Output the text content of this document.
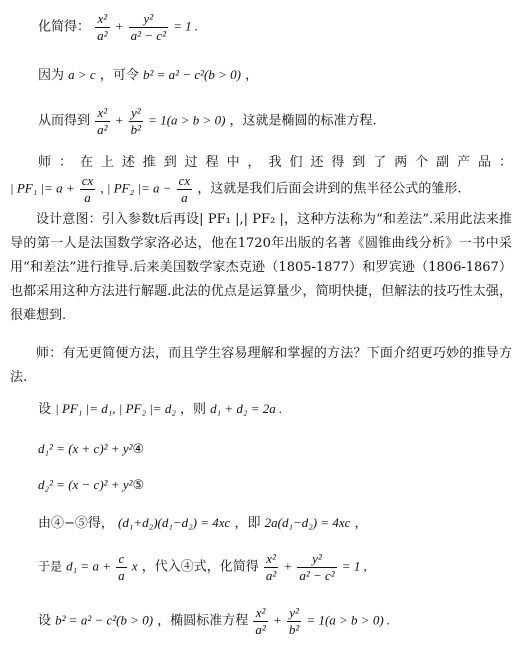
化简得： $\frac{\text{x²}}{\text{a²}} + \frac{\text{y²}}{\text{a² − c²}} = 1$ .
因为 a > c ，可令 b² = a² − c²(b > 0) ，
从而得到 $\frac{\text{x²}}{\text{a²}} + \frac{\text{y²}}{\text{b²}} = 1(a > b > 0)$ ，这就是椭圆的标准方程.
师：在上述推到过程中，我们还得到了两个副产品：
| PF₁ |= $a + \frac{cx}{a}$ , | PF₂ |= $a - \frac{cx}{a}$ ，这就是我们后面会讲到的焦半径公式的雏形.
设计意图：引入参数t后再设| PF₁ |,| PF₂ |，这种方法称为“和差法”.采用此法来推导的第一人是法国数学家洛必达，他在1720年出版的名著《圆锥曲线分析》一书中采用“和差法”进行推导.后来美国数学家杰克逊（1805-1877）和罗宾逊（1806-1867）也都采用这种方法进行解题.此法的优点是运算量少，简明快捷，但解法的技巧性太强，很难想到.
师：有无更简便方法，而且学生容易理解和掌握的方法？下面介绍更巧妙的推导方法.
设 | PF₁ |= d₁, | PF₂ |= d₂ ，则 d₁ + d₂ = 2a .
d₁² = (x + c)² + y²④
d₂² = (x − c)² + y²⑤
由④−⑤得， (d₁+d₂)(d₁−d₂) = 4xc ，即 2a(d₁−d₂) = 4xc ，
于是 $d_1 = a + \frac{c}{a}$ x ，代入④式，化简得 $\frac{\text{x²}}{\text{a²}} + \frac{\text{y²}}{\text{a² − c²}} = 1$ ,
设 b² = a² − c²(b > 0) ，椭圆标准方程 $\frac{\text{x²}}{\text{a²}} + \frac{\text{y²}}{\text{b²}} = 1(a > b > 0)$ .
